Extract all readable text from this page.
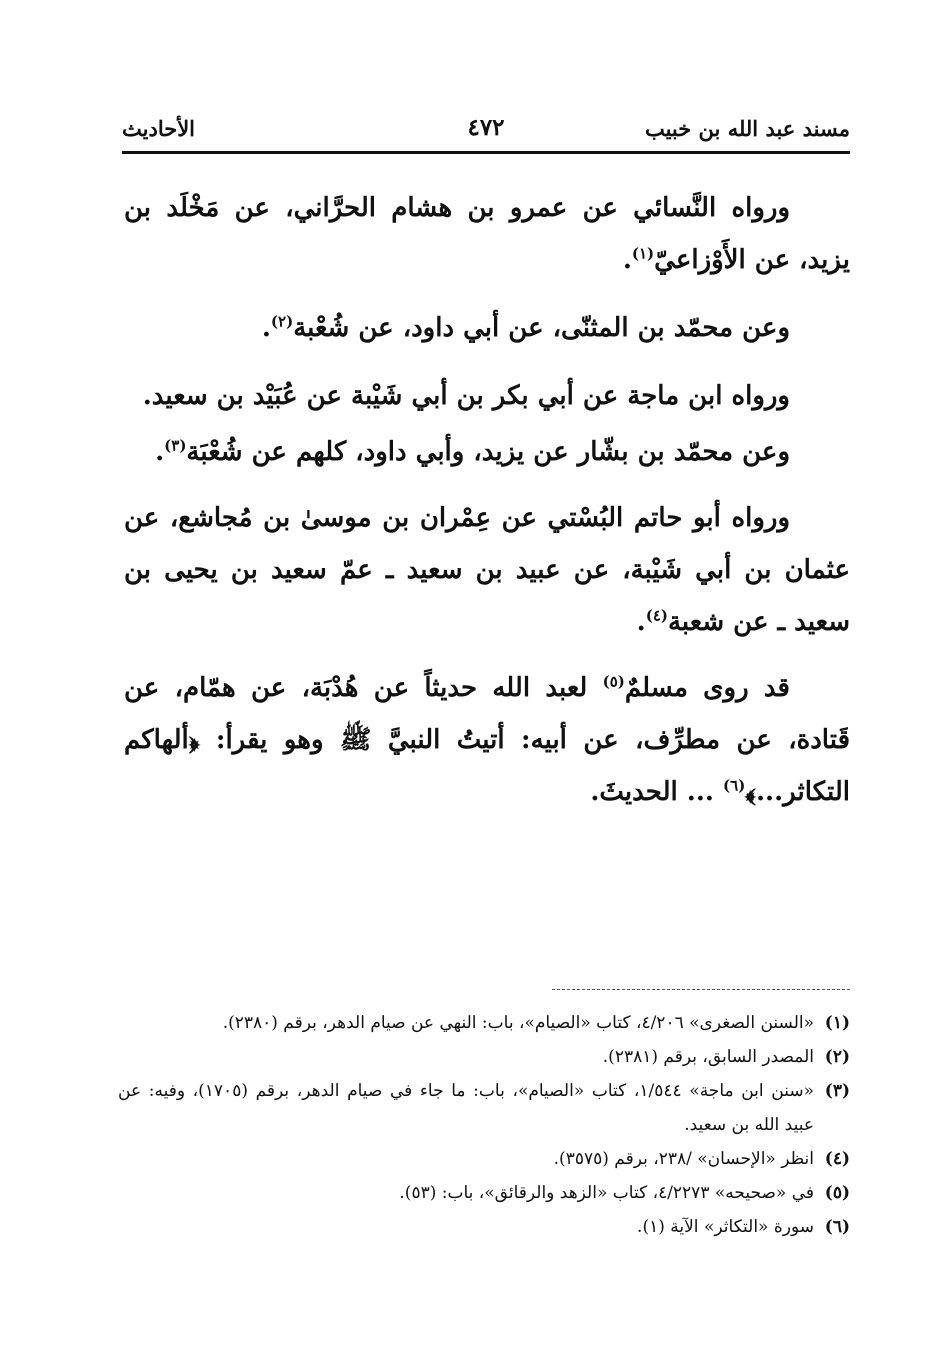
مسند عبد الله بن خبيب
٤٧٢
الأحاديث

ورواه النَّسائي عن عمرو بن هشام الحرَّاني، عن مَخْلَد بن يزيد، عن الأَوْزاعيّ$^{(١)}$.

وعن محمّد بن المثنّى، عن أبي داود، عن شُعْبة$^{(٢)}$.

ورواه ابن ماجة عن أبي بكر بن أبي شَيْبة عن عُبَيْد بن سعيد.

وعن محمّد بن بشّار عن يزيد، وأبي داود، كلهم عن شُعْبَة$^{(٣)}$.

ورواه أبو حاتم البُسْتي عن عِمْران بن موسىٰ بن مُجاشع، عن عثمان بن أبي شَيْبة، عن عبيد بن سعيد ـ عمّ سعيد بن يحيى بن سعيد ـ عن شعبة$^{(٤)}$.

قد روى مسلمٌ$^{(٥)}$ لعبد الله حديثاً عن هُدْبَة، عن همّام، عن قَتادة، عن مطرِّف، عن أبيه: أتيتُ النبيَّ ﷺ وهو يقرأ: ﴿ألهاكم التكاثر...﴾$^{(٦)}$ ... الحديثَ.

(١)
«السنن الصغرى» ٤/٢٠٦، كتاب «الصيام»، باب: النهي عن صيام الدهر، برقم (٢٣٨٠).
(٢)
المصدر السابق، برقم (٢٣٨١).
(٣)
«سنن ابن ماجة» ١/٥٤٤، كتاب «الصيام»، باب: ما جاء في صيام الدهر، برقم (١٧٠٥)، وفيه: عن عبيد الله بن سعيد.
(٤)
انظر «الإحسان» /٢٣٨، برقم (٣٥٧٥).
(٥)
في «صحيحه» ٤/٢٢٧٣، كتاب «الزهد والرقائق»، باب: (٥٣).
(٦)
سورة «التكاثر» الآية (١).
